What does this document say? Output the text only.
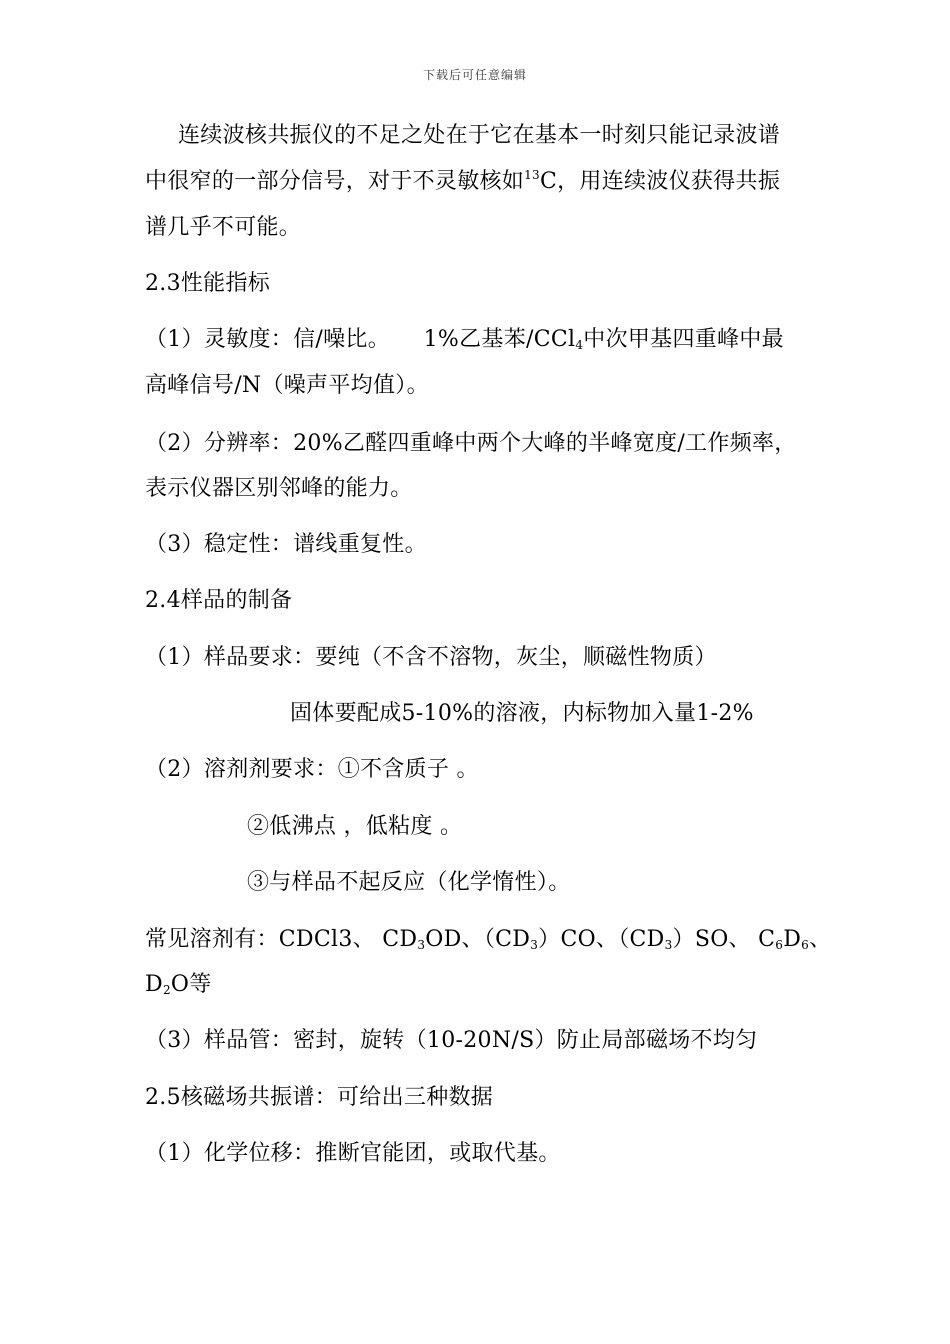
下载后可任意编辑
连续波核共振仪的不足之处在于它在基本一时刻只能记录波谱
中很窄的一部分信号，对于不灵敏核如$^{13}$C，用连续波仪获得共振
谱几乎不可能。
2.3性能指标
（1）灵敏度：信/噪比。　　1%乙基苯/CCl$_4$中次甲基四重峰中最
高峰信号/N（噪声平均值）。
（2）分辨率：20%乙醛四重峰中两个大峰的半峰宽度/工作频率，
表示仪器区别邻峰的能力。
（3）稳定性：谱线重复性。
2.4样品的制备
（1）样品要求：要纯（不含不溶物，灰尘，顺磁性物质）
固体要配成5-10%的溶液，内标物加入量1-2%
（2）溶剂剂要求：①不含质子 。
②低沸点 ，低粘度 。
③与样品不起反应（化学惰性）。
常见溶剂有：CDCl3、 $CD_3OD$、$(CD_3)CO$、$(CD_3)SO$、 $C_6D_6$、
$D_2O$等
（3）样品管：密封，旋转（10-20N/S）防止局部磁场不均匀
2.5核磁场共振谱：可给出三种数据
（1）化学位移：推断官能团，或取代基。
